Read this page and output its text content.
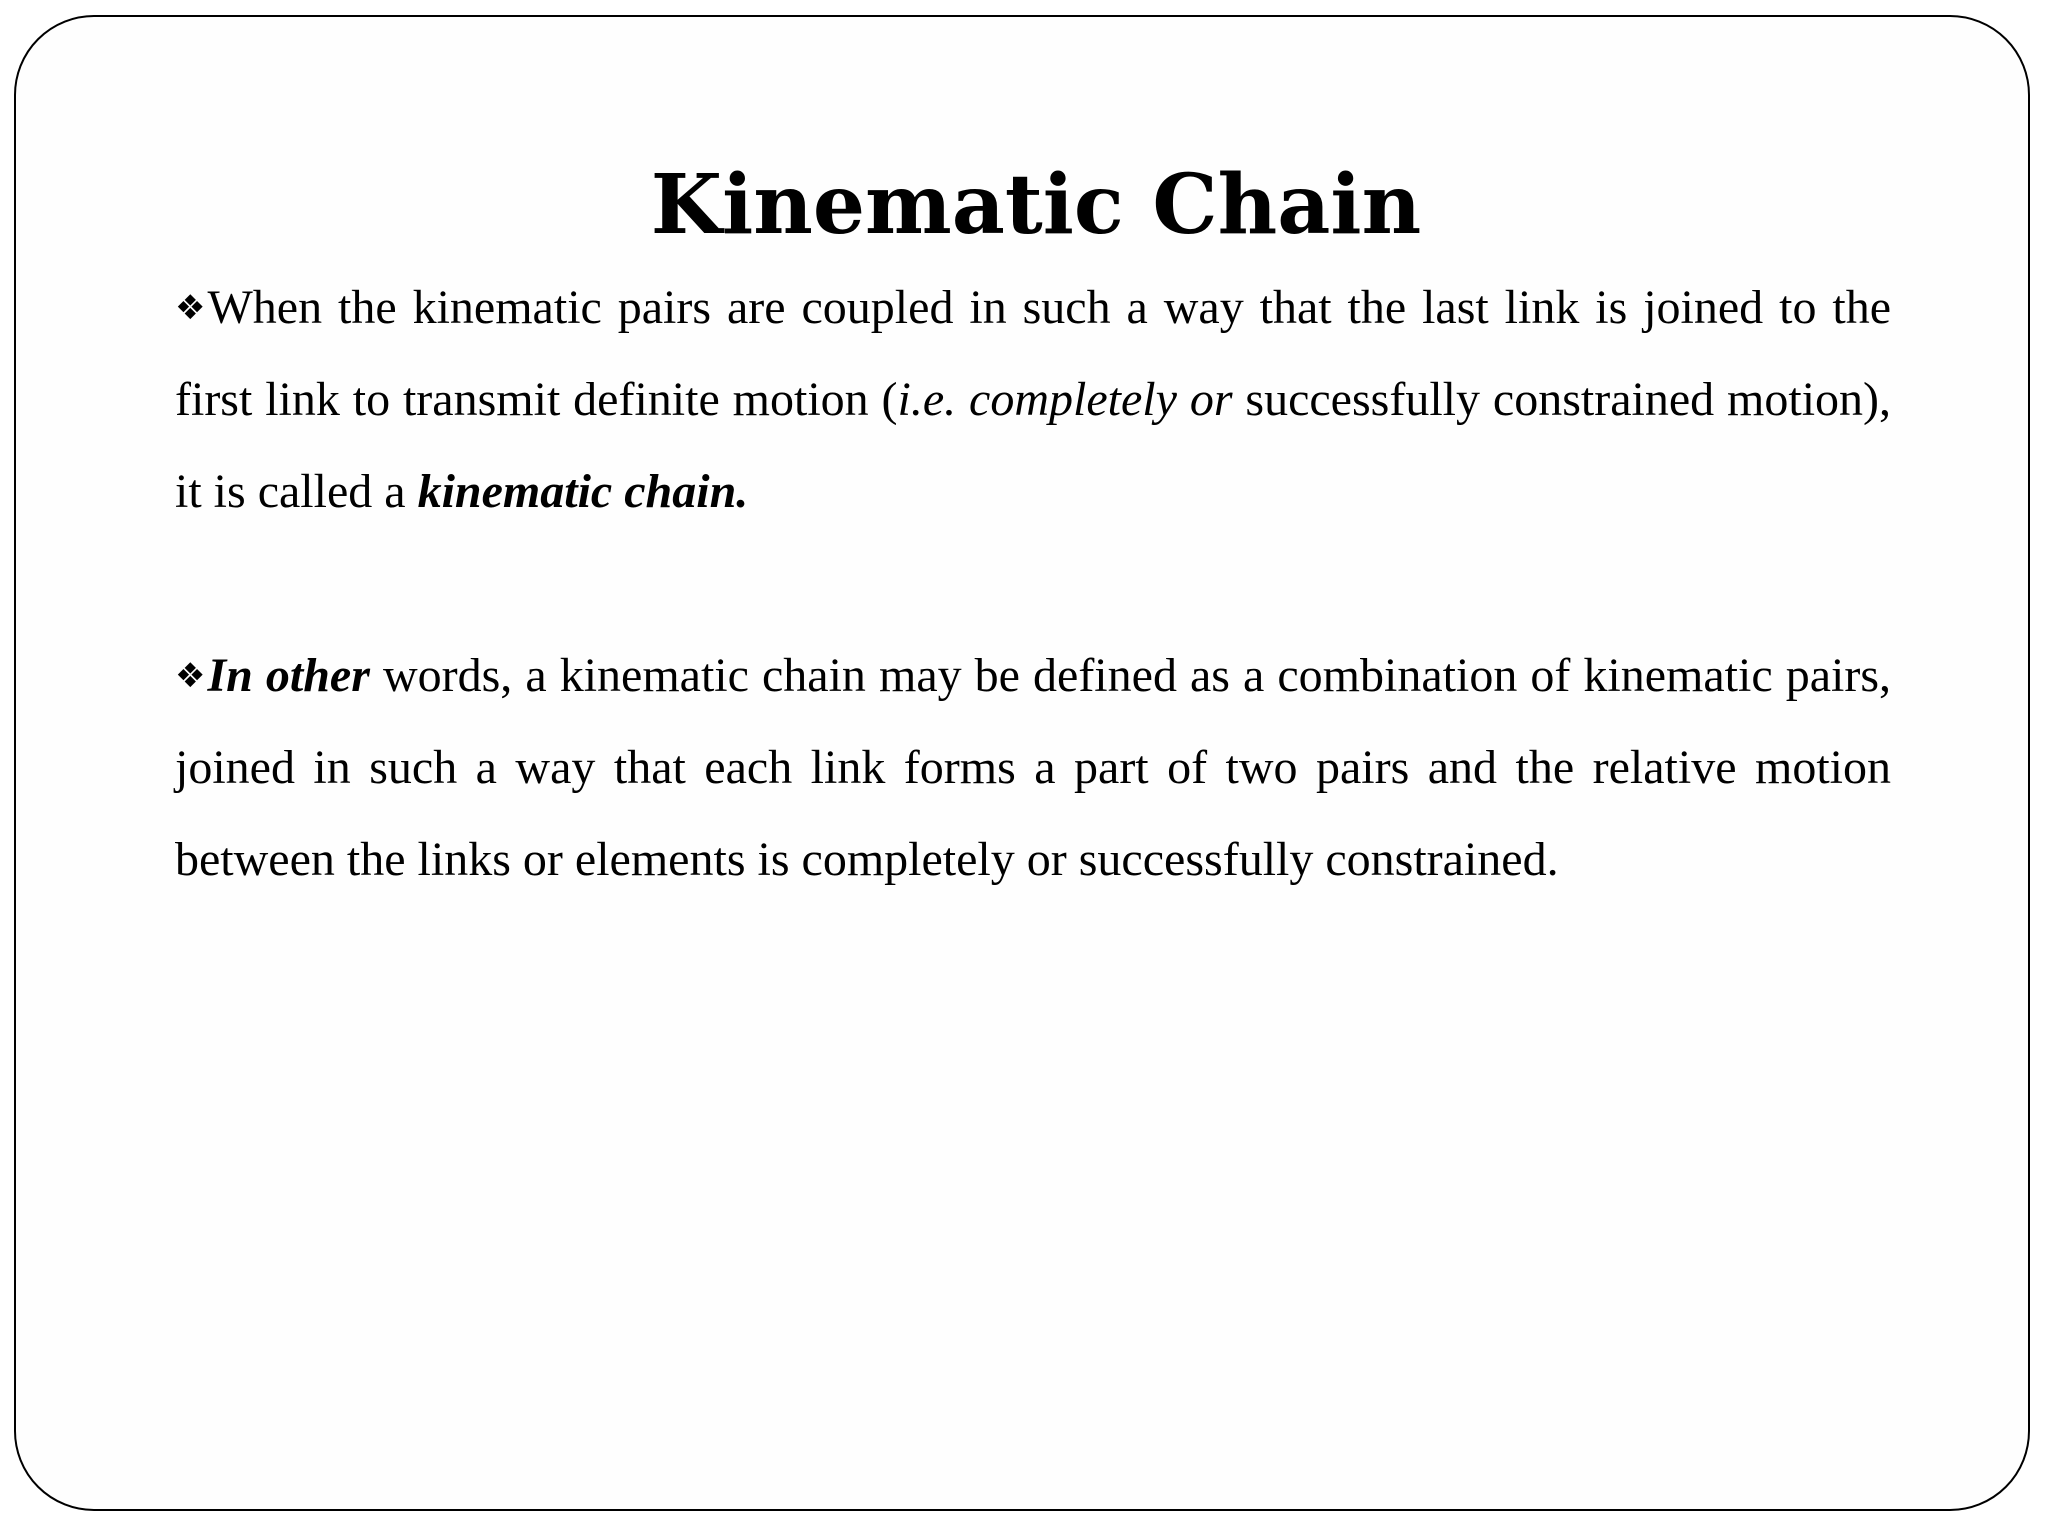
Kinematic Chain

❖When the kinematic pairs are coupled in such a way that the last link is joined to the first link to transmit definite motion (i.e. completely or successfully constrained motion), it is called a kinematic chain.

❖In other words, a kinematic chain may be defined as a combination of kinematic pairs, joined in such a way that each link forms a part of two pairs and the relative motion between the links or elements is completely or successfully constrained.
